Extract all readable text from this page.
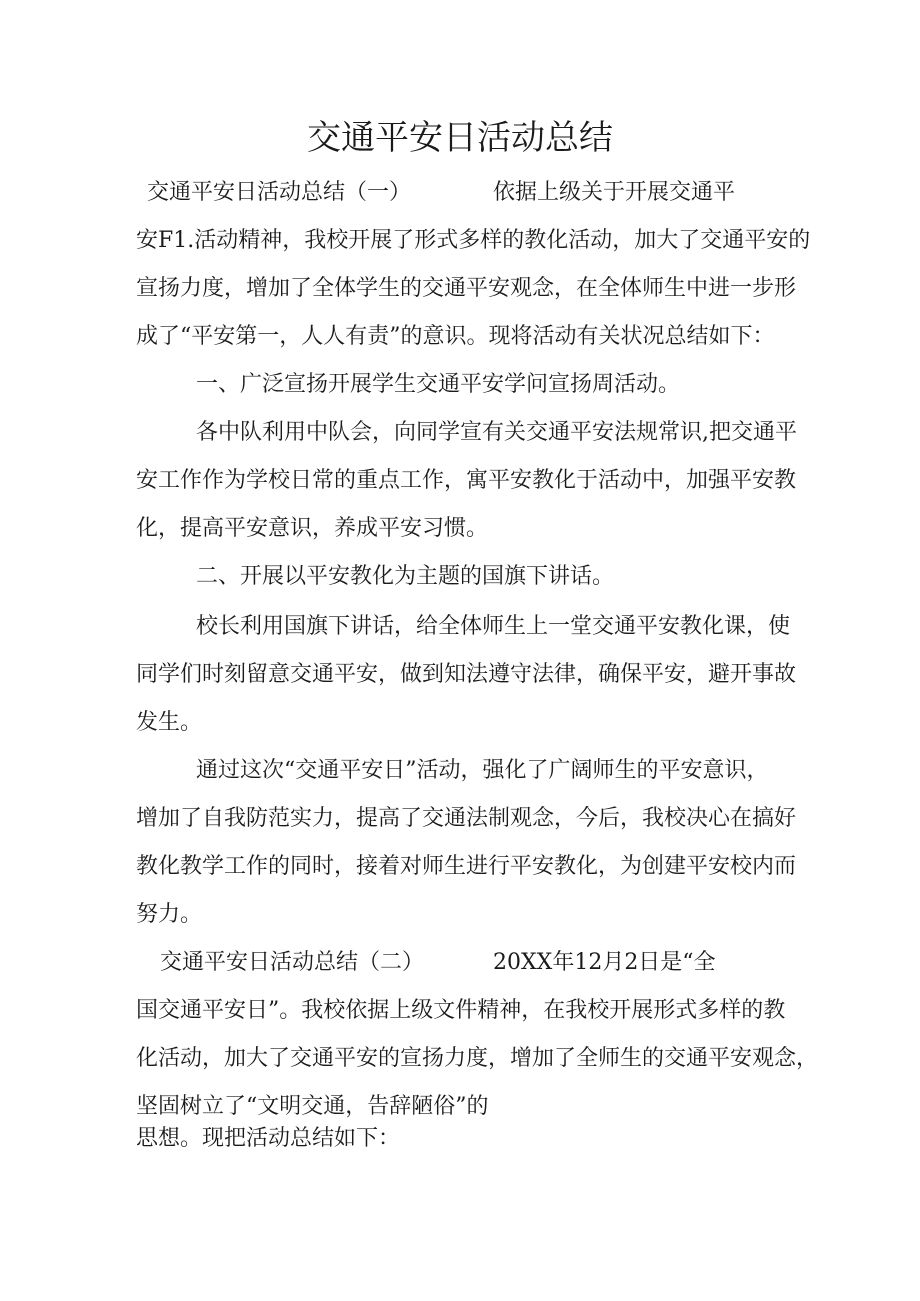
交通平安日活动总结
交通平安日活动总结（一）	依据上级关于开展交通平
安F1.活动精神，我校开展了形式多样的教化活动，加大了交通平安的
宣扬力度，增加了全体学生的交通平安观念，在全体师生中进一步形
成了“平安第一，人人有责”的意识。现将活动有关状况总结如下：
一、广泛宣扬开展学生交通平安学问宣扬周活动。
各中队利用中队会，向同学宣有关交通平安法规常识,把交通平
安工作作为学校日常的重点工作，寓平安教化于活动中，加强平安教
化，提高平安意识，养成平安习惯。
二、开展以平安教化为主题的国旗下讲话。
校长利用国旗下讲话，给全体师生上一堂交通平安教化课，使
同学们时刻留意交通平安，做到知法遵守法律，确保平安，避开事故
发生。
通过这次“交通平安日”活动，强化了广阔师生的平安意识，
增加了自我防范实力，提高了交通法制观念，今后，我校决心在搞好
教化教学工作的同时，接着对师生进行平安教化，为创建平安校内而
努力。
交通平安日活动总结（二）	20XX年12月2日是“全
国交通平安日”。我校依据上级文件精神，在我校开展形式多样的教
化活动，加大了交通平安的宣扬力度，增加了全师生的交通平安观念，
坚固树立了“文明交通，告辞陋俗”的
思想。现把活动总结如下：
